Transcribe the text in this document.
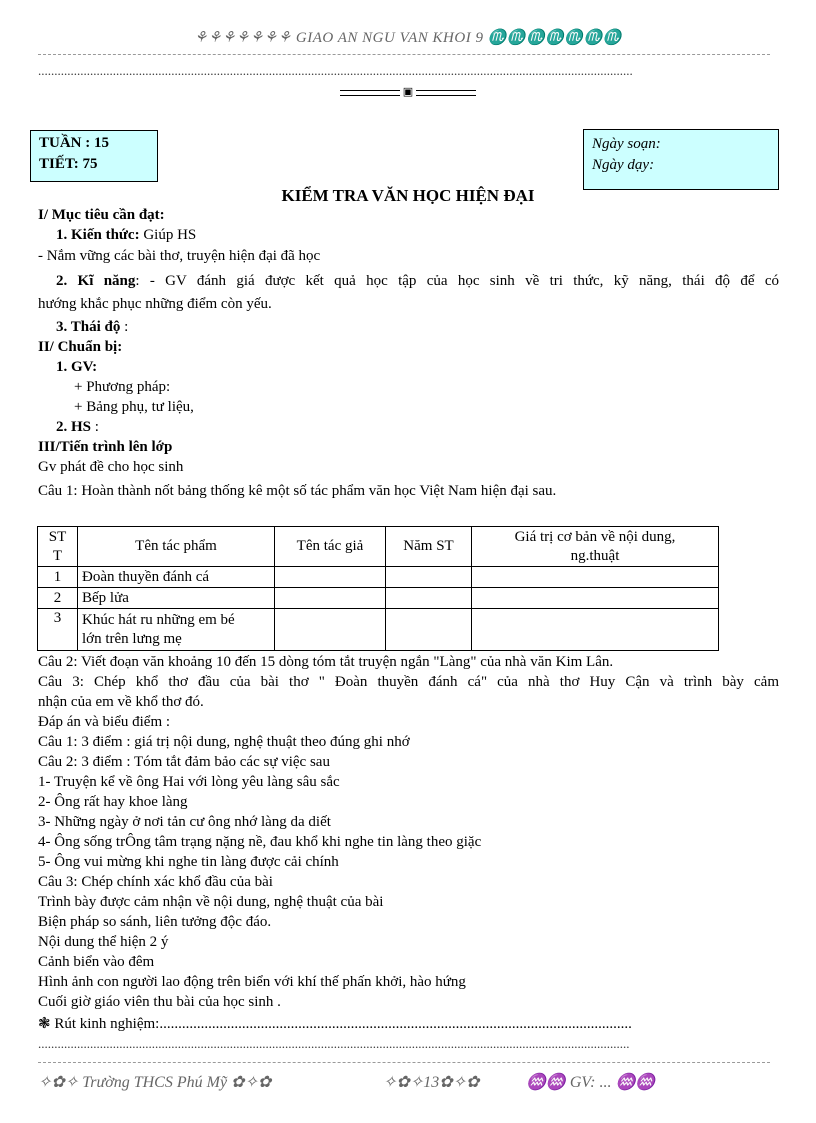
⚘⚘⚘⚘⚘⚘⚘ GIAO AN NGU VAN KHOI 9 ♏♏♏♏♏♏♏
.......................................................................................................................................................................................
▣
TUẦN : 15
TIẾT: 75
Ngày soạn:
Ngày dạy:
KIỂM TRA VĂN HỌC HIỆN ĐẠI
I/ Mục tiêu cần đạt:
1. Kiến thức: Giúp HS
- Nắm vững các bài thơ, truyện hiện đại đã học
2. Kĩ năng: - GV đánh giá được kết quả học tập của học sinh về tri thức, kỹ năng, thái độ để có
hướng khắc phục những điểm còn yếu.
3. Thái độ :
II/ Chuẩn bị:
1. GV:
+ Phương pháp:
+ Bảng phụ, tư liệu,
2. HS :
III/Tiến trình lên lớp
Gv phát đề cho học sinh
Câu 1: Hoàn thành nốt bảng thống kê một số tác phẩm văn học Việt Nam hiện đại sau.
ST
T	Tên tác phẩm	Tên tác giả	Năm ST	Giá trị cơ bản về nội dung,
ng.thuật
1	Đoàn thuyền đánh cá			
2	Bếp lửa			
3	Khúc hát ru những em bé
lớn trên lưng mẹ			
Câu 2: Viết đoạn văn khoảng 10 đến 15 dòng tóm tắt truyện ngắn "Làng" của nhà văn Kim Lân.
Câu 3: Chép khổ thơ đầu của bài thơ " Đoàn thuyền đánh cá" của nhà thơ Huy Cận và trình bày cảm
nhận của em về khổ thơ đó.
Đáp án và biểu điểm :
Câu 1: 3 điểm : giá trị nội dung, nghệ thuật theo đúng ghi nhớ
Câu 2: 3 điểm : Tóm tắt đảm bảo các sự việc sau
1- Truyện kể về ông Hai với lòng yêu làng sâu sắc
2- Ông rất hay khoe làng
3- Những ngày ở nơi tản cư ông nhớ làng da diết
4- Ông sống trÔng tâm trạng nặng nề, đau khổ khi nghe tin làng theo giặc
5- Ông vui mừng khi nghe tin làng được cải chính
Câu 3: Chép chính xác khổ đầu của bài
Trình bày được cảm nhận về nội dung, nghệ thuật của bài
Biện pháp so sánh, liên tưởng độc đáo.
Nội dung thể hiện 2 ý
Cảnh biển vào đêm
Hình ảnh con người lao động trên biển với khí thế phấn khởi, hào hứng
Cuối giờ giáo viên thu bài của học sinh .
❃ Rút kinh nghiệm:..............................................................................................................................
......................................................................................................................................................................................
✧✿✧ Trường THCS Phú Mỹ ✿✧✿	✧✿✧13✿✧✿	♒♒ GV: ... ♒♒
